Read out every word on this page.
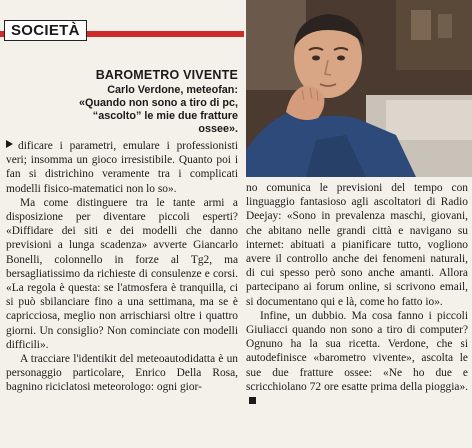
SOCIETÀ
BAROMETRO VIVENTE
Carlo Verdone, meteofan: «Quando non sono a tiro di pc, “ascolto” le mie due fratture ossee».

dificare i parametri, emulare i professionisti veri; insomma un gioco irresistibile. Quanto poi i fan si districhino veramente tra i complicati modelli fisico-matematici non lo so».

Ma come distinguere tra le tante armi a disposizione per diventare piccoli esperti? «Diffidare dei siti e dei modelli che danno previsioni a lunga scadenza» avverte Giancarlo Bonelli, colonnello in forze al Tg2, ma bersagliatissimo da richieste di consulenze e corsi. «La regola è questa: se l'atmosfera è tranquilla, ci si può sbilanciare fino a una settimana, ma se è capricciosa, meglio non arrischiarsi oltre i quattro giorni. Un consiglio? Non cominciate con modelli difficili».

A tracciare l'identikit del meteoautodidatta è un personaggio particolare, Enrico Della Rosa, bagnino riciclatosi meteorologo: ogni gior-

no comunica le previsioni del tempo con linguaggio fantasioso agli ascoltatori di Radio Deejay: «Sono in prevalenza maschi, giovani, che abitano nelle grandi città e navigano su internet: abituati a pianificare tutto, vogliono avere il controllo anche dei fenomeni naturali, di cui spesso però sono anche amanti. Allora partecipano ai forum online, si scrivono email, si documentano qui e là, come ho fatto io».

Infine, un dubbio. Ma cosa fanno i piccoli Giuliacci quando non sono a tiro di computer? Ognuno ha la sua ricetta. Verdone, che si autodefinisce «barometro vivente», ascolta le sue due fratture ossee: «Ne ho due e scricchiolano 72 ore esatte prima della pioggia».
